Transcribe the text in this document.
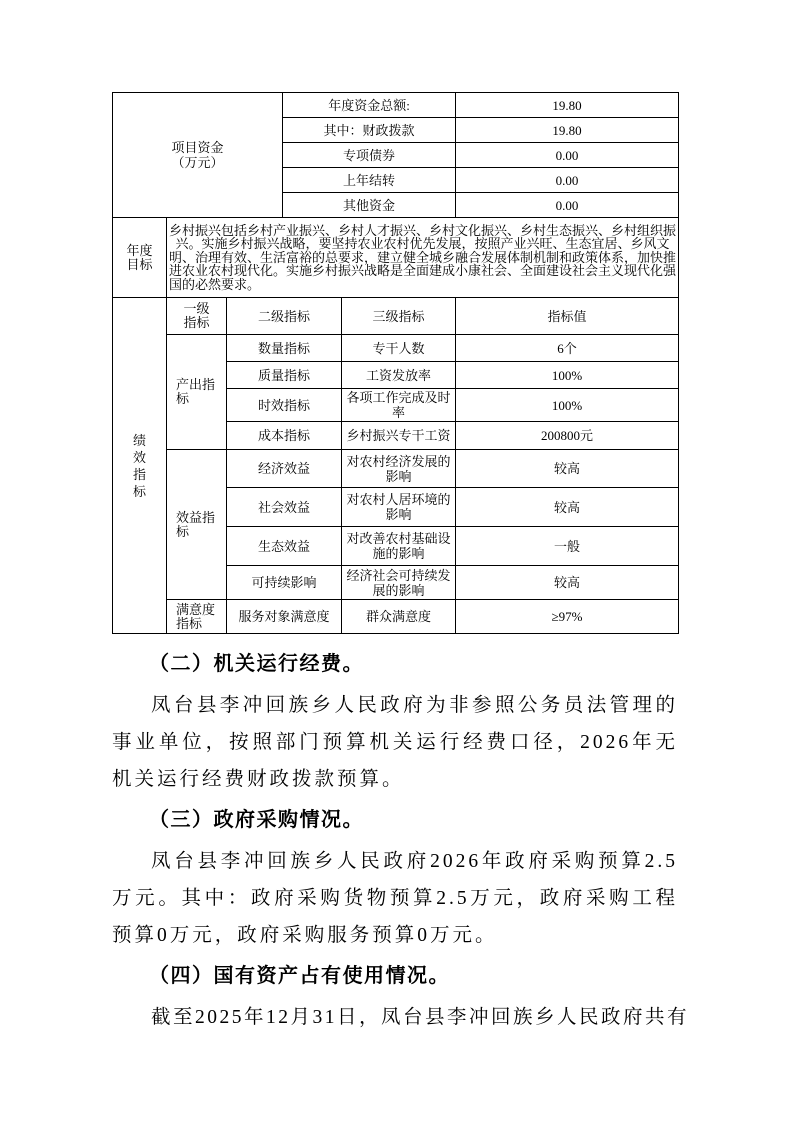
项目资金（万元）			年度资金总额:		19.80
			其中：财政拨款		19.80
			专项债券		0.00
			上年结转		0.00
			其他资金		0.00
年度目标	乡村振兴包括乡村产业振兴、乡村人才振兴、乡村文化振兴、乡村生态振兴、乡村组织振兴。实施乡村振兴战略，要坚持农业农村优先发展，按照产业兴旺、生态宜居、乡风文明、治理有效、生活富裕的总要求，建立健全城乡融合发展体制机制和政策体系，加快推进农业农村现代化。实施乡村振兴战略是全面建成小康社会、全面建设社会主义现代化强国的必然要求。				
绩效指标	一级指标	二级指标		三级指标	指标值
	产出指标	数量指标		专干人数	6个
		质量指标		工资发放率	100%
		时效指标		各项工作完成及时率	100%
		成本指标		乡村振兴专干工资	200800元
	效益指标	经济效益		对农村经济发展的影响	较高
		社会效益		对农村人居环境的影响	较高
		生态效益		对改善农村基础设施的影响	一般
		可持续影响		经济社会可持续发展的影响	较高
	满意度指标	服务对象满意度		群众满意度	≥97%
（二）机关运行经费。

凤台县李冲回族乡人民政府为非参照公务员法管理的事业单位，按照部门预算机关运行经费口径，2026年无机关运行经费财政拨款预算。

（三）政府采购情况。

凤台县李冲回族乡人民政府2026年政府采购预算2.5万元。其中：政府采购货物预算2.5万元，政府采购工程预算0万元，政府采购服务预算0万元。

（四）国有资产占有使用情况。

截至2025年12月31日，凤台县李冲回族乡人民政府共有
